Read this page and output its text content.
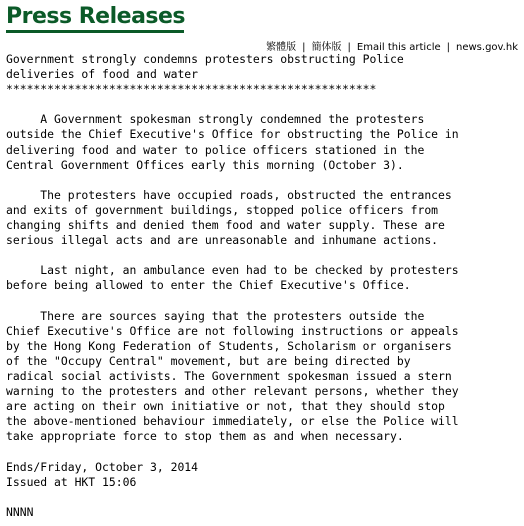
Press Releases
繁體版 | 簡体版 | Email this article | news.gov.hk
Government strongly condemns protesters obstructing Police
deliveries of food and water
******************************************************

A Government spokesman strongly condemned the protesters
outside the Chief Executive's Office for obstructing the Police in
delivering food and water to police officers stationed in the
Central Government Offices early this morning (October 3).

The protesters have occupied roads, obstructed the entrances
and exits of government buildings, stopped police officers from
changing shifts and denied them food and water supply. These are
serious illegal acts and are unreasonable and inhumane actions.

Last night, an ambulance even had to be checked by protesters
before being allowed to enter the Chief Executive's Office.

There are sources saying that the protesters outside the
Chief Executive's Office are not following instructions or appeals
by the Hong Kong Federation of Students, Scholarism or organisers
of the "Occupy Central" movement, but are being directed by
radical social activists. The Government spokesman issued a stern
warning to the protesters and other relevant persons, whether they
are acting on their own initiative or not, that they should stop
the above-mentioned behaviour immediately, or else the Police will
take appropriate force to stop them as and when necessary.

Ends/Friday, October 3, 2014
Issued at HKT 15:06

NNNN
